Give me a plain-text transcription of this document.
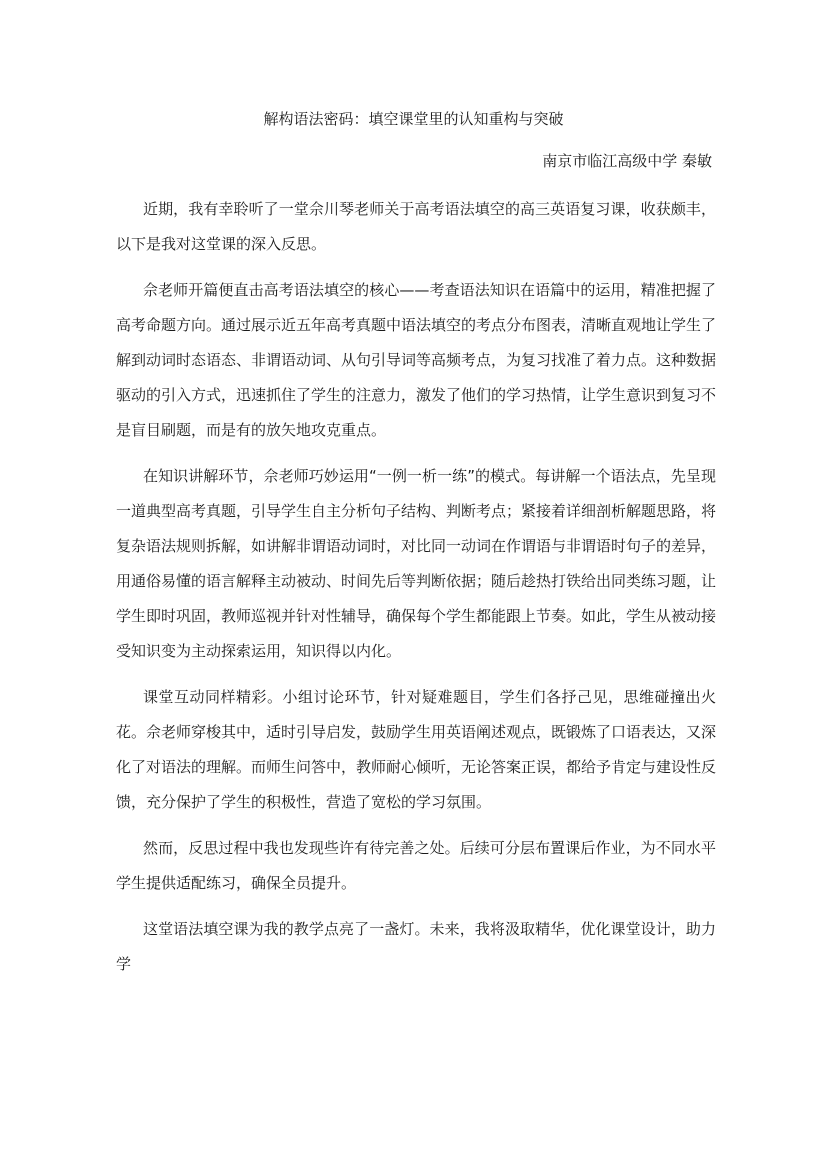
解构语法密码：填空课堂里的认知重构与突破
南京市临江高级中学 秦敏

近期，我有幸聆听了一堂佘川琴老师关于高考语法填空的高三英语复习课，收获颇丰，以下是我对这堂课的深入反思。

佘老师开篇便直击高考语法填空的核心——考查语法知识在语篇中的运用，精准把握了高考命题方向。通过展示近五年高考真题中语法填空的考点分布图表，清晰直观地让学生了解到动词时态语态、非谓语动词、从句引导词等高频考点，为复习找准了着力点。这种数据驱动的引入方式，迅速抓住了学生的注意力，激发了他们的学习热情，让学生意识到复习不是盲目刷题，而是有的放矢地攻克重点。

在知识讲解环节，佘老师巧妙运用“一例一析一练”的模式。每讲解一个语法点，先呈现一道典型高考真题，引导学生自主分析句子结构、判断考点；紧接着详细剖析解题思路，将复杂语法规则拆解，如讲解非谓语动词时，对比同一动词在作谓语与非谓语时句子的差异，用通俗易懂的语言解释主动被动、时间先后等判断依据；随后趁热打铁给出同类练习题，让学生即时巩固，教师巡视并针对性辅导，确保每个学生都能跟上节奏。如此，学生从被动接受知识变为主动探索运用，知识得以内化。

课堂互动同样精彩。小组讨论环节，针对疑难题目，学生们各抒己见，思维碰撞出火花。佘老师穿梭其中，适时引导启发，鼓励学生用英语阐述观点，既锻炼了口语表达，又深化了对语法的理解。而师生问答中，教师耐心倾听，无论答案正误，都给予肯定与建设性反馈，充分保护了学生的积极性，营造了宽松的学习氛围。

然而，反思过程中我也发现些许有待完善之处。后续可分层布置课后作业，为不同水平学生提供适配练习，确保全员提升。

这堂语法填空课为我的教学点亮了一盏灯。未来，我将汲取精华，优化课堂设计，助力学
